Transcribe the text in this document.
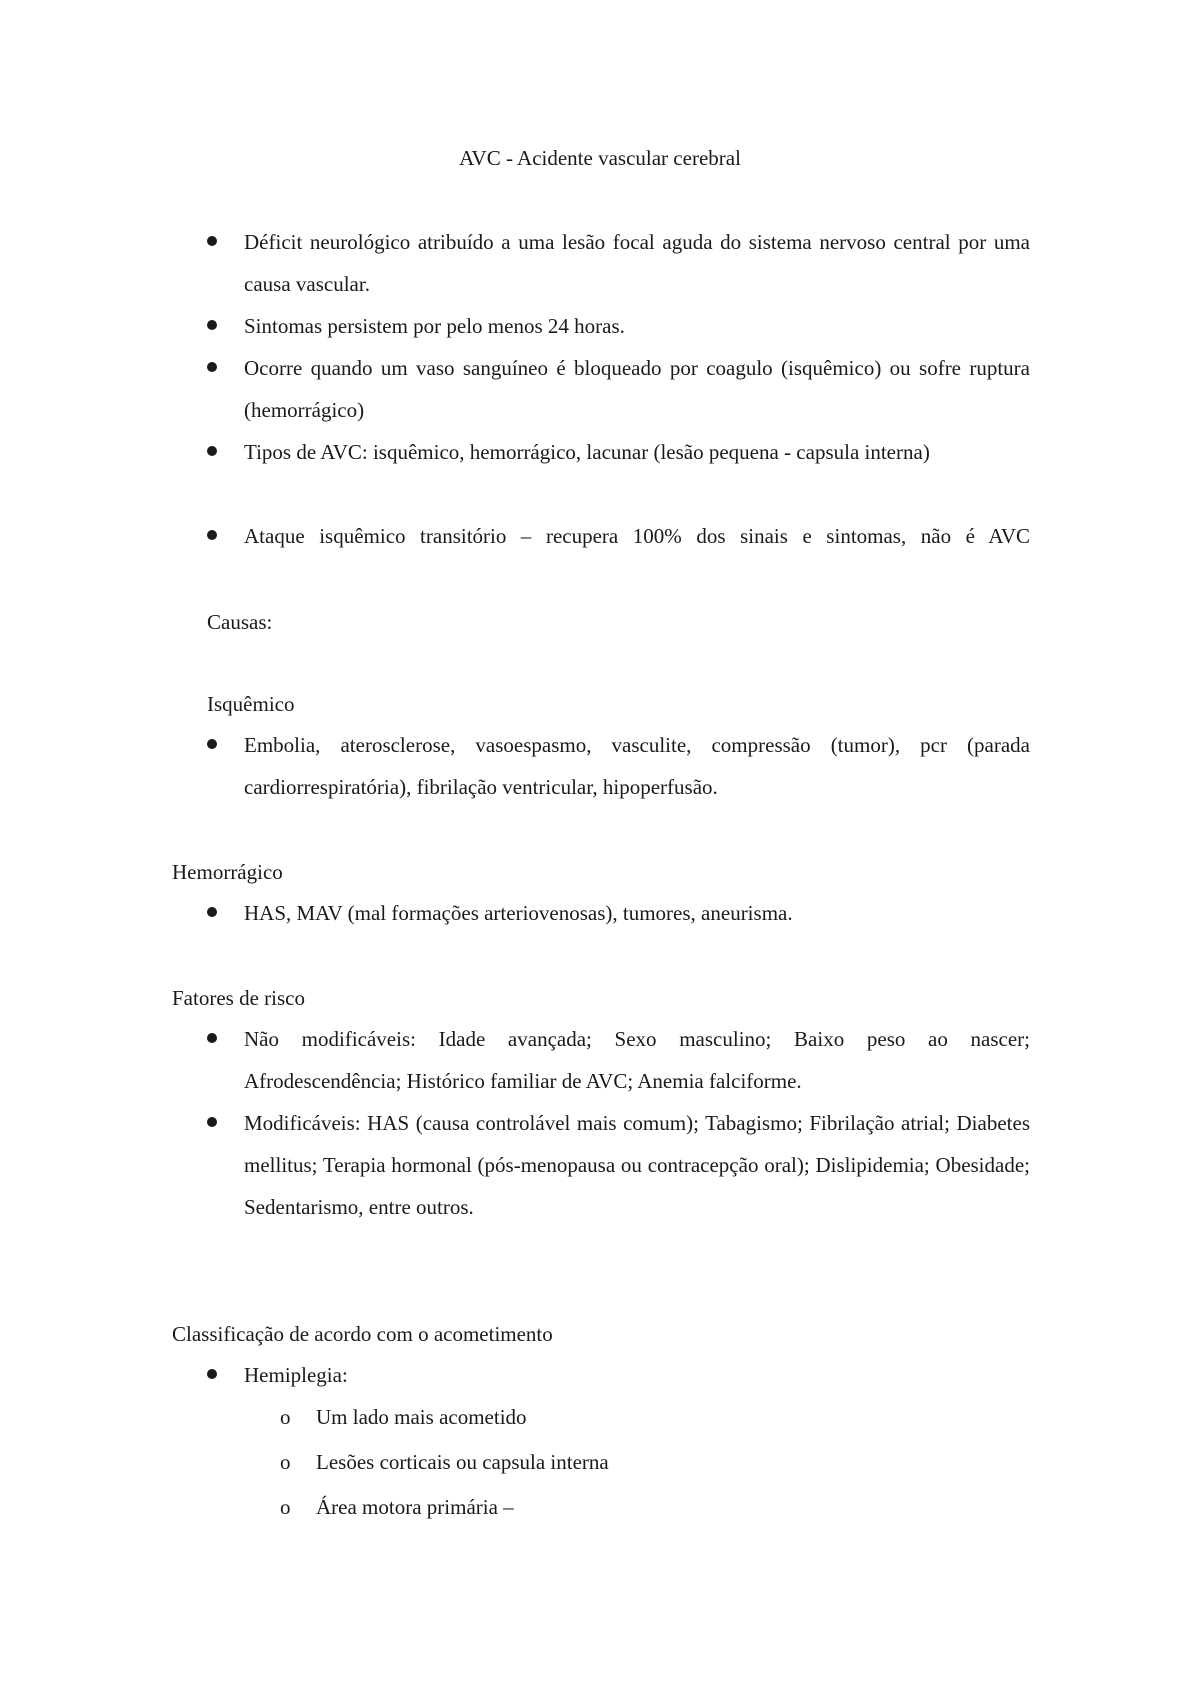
AVC - Acidente vascular cerebral
Déficit neurológico atribuído a uma lesão focal aguda do sistema nervoso central por uma causa vascular.
Sintomas persistem por pelo menos 24 horas.
Ocorre quando um vaso sanguíneo é bloqueado por coagulo (isquêmico) ou sofre ruptura (hemorrágico)
Tipos de AVC: isquêmico, hemorrágico, lacunar (lesão pequena - capsula interna)
Ataque isquêmico transitório – recupera 100% dos sinais e sintomas, não é AVC
Causas:
Isquêmico
Embolia, aterosclerose, vasoespasmo, vasculite, compressão (tumor), pcr (parada cardiorrespiratória), fibrilação ventricular, hipoperfusão.
Hemorrágico
HAS, MAV (mal formações arteriovenosas), tumores, aneurisma.
Fatores de risco
Não modificáveis: Idade avançada; Sexo masculino; Baixo peso ao nascer; Afrodescendência; Histórico familiar de AVC; Anemia falciforme.
Modificáveis: HAS (causa controlável mais comum); Tabagismo; Fibrilação atrial; Diabetes mellitus; Terapia hormonal (pós-menopausa ou contracepção oral); Dislipidemia; Obesidade; Sedentarismo, entre outros.
Classificação de acordo com o acometimento
Hemiplegia:
o Um lado mais acometido
o Lesões corticais ou capsula interna
o Área motora primária –
